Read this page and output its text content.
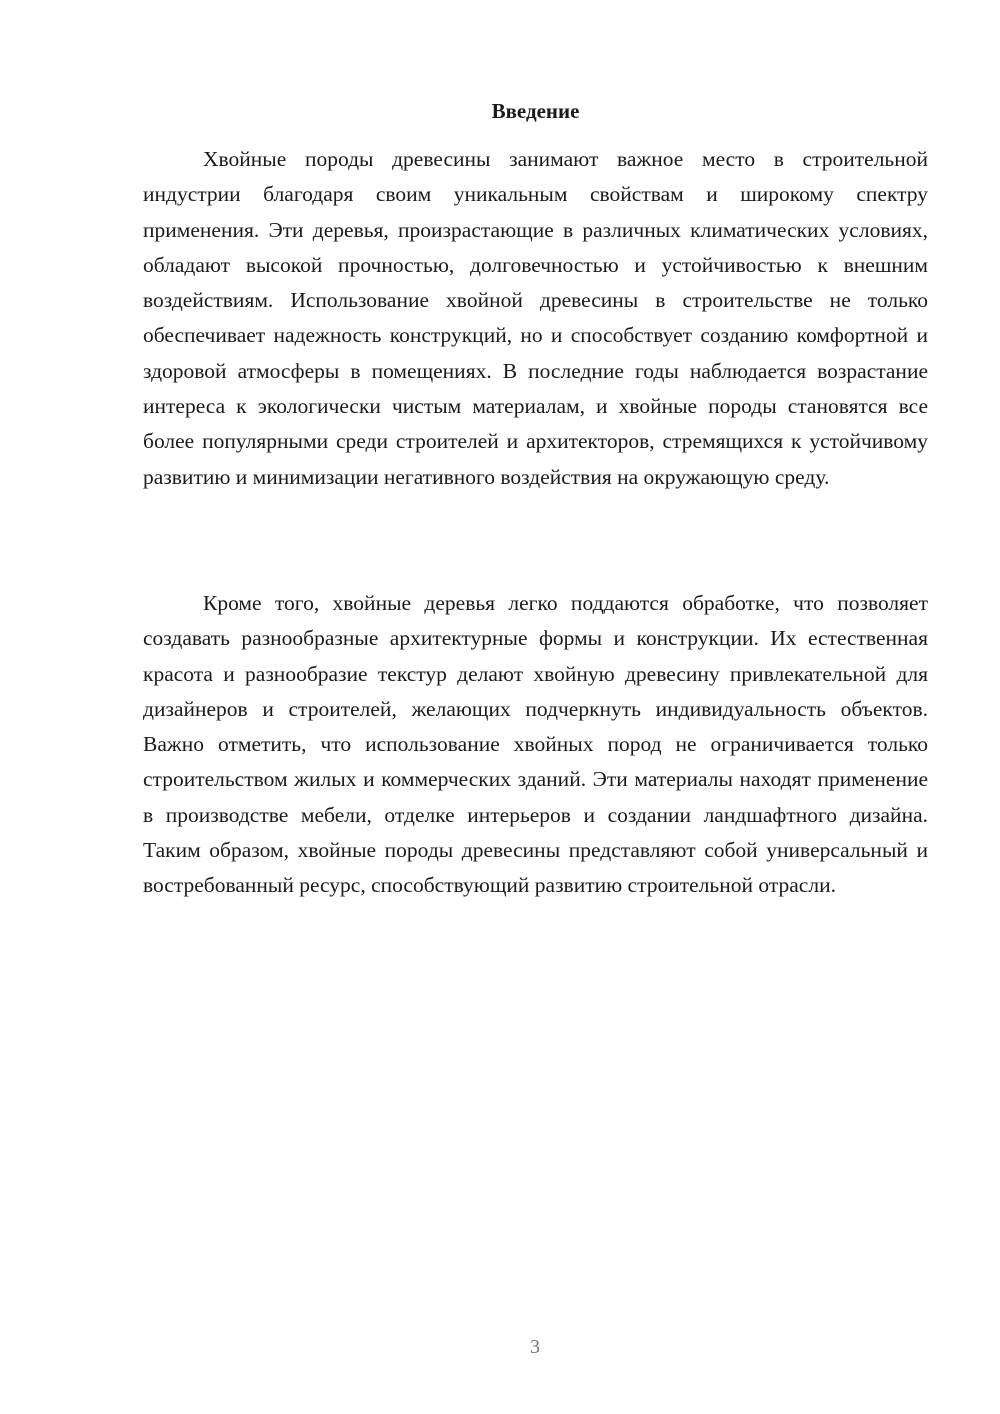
Введение

Хвойные породы древесины занимают важное место в строительной индустрии благодаря своим уникальным свойствам и широкому спектру применения. Эти деревья, произрастающие в различных климатических условиях, обладают высокой прочностью, долговечностью и устойчивостью к внешним воздействиям. Использование хвойной древесины в строительстве не только обеспечивает надежность конструкций, но и способствует созданию комфортной и здоровой атмосферы в помещениях. В последние годы наблюдается возрастание интереса к экологически чистым материалам, и хвойные породы становятся все более популярными среди строителей и архитекторов, стремящихся к устойчивому развитию и минимизации негативного воздействия на окружающую среду.

Кроме того, хвойные деревья легко поддаются обработке, что позволяет создавать разнообразные архитектурные формы и конструкции. Их естественная красота и разнообразие текстур делают хвойную древесину привлекательной для дизайнеров и строителей, желающих подчеркнуть индивидуальность объектов. Важно отметить, что использование хвойных пород не ограничивается только строительством жилых и коммерческих зданий. Эти материалы находят применение в производстве мебели, отделке интерьеров и создании ландшафтного дизайна. Таким образом, хвойные породы древесины представляют собой универсальный и востребованный ресурс, способствующий развитию строительной отрасли.

3
